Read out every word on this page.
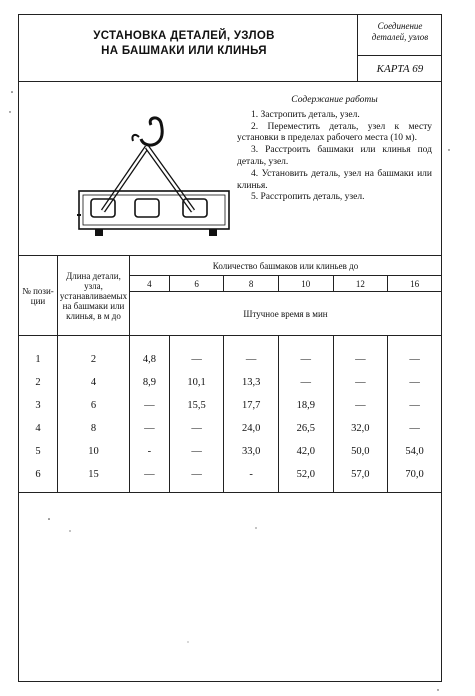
УСТАНОВКА ДЕТАЛЕЙ, УЗЛОВ
НА БАШМАКИ ИЛИ КЛИНЬЯ
Соединение
деталей, узлов
КАРТА 69
Содержание работы
1. Застропить деталь, узел.
2. Переместить деталь, узел к месту установки в пределах рабочего места (10 м).
3. Расстроить башмаки или клинья под деталь, узел.
4. Установить деталь, узел на башмаки или клинья.
5. Расстропить деталь, узел.
№ пози-ции	Длина детали, узла, устанавливаемых на башмаки или клинья, в м до	Количество башмаков или клиньев до					
		4	6	8	10	12	16
		Штучное время в мин					
1	2	4,8	—	—	—	—	—
2	4	8,9	10,1	13,3	—	—	—
3	6	—	15,5	17,7	18,9	—	—
4	8	—	—	24,0	26,5	32,0	—
5	10	-	—	33,0	42,0	50,0	54,0
6	15	—	—	-	52,0	57,0	70,0
